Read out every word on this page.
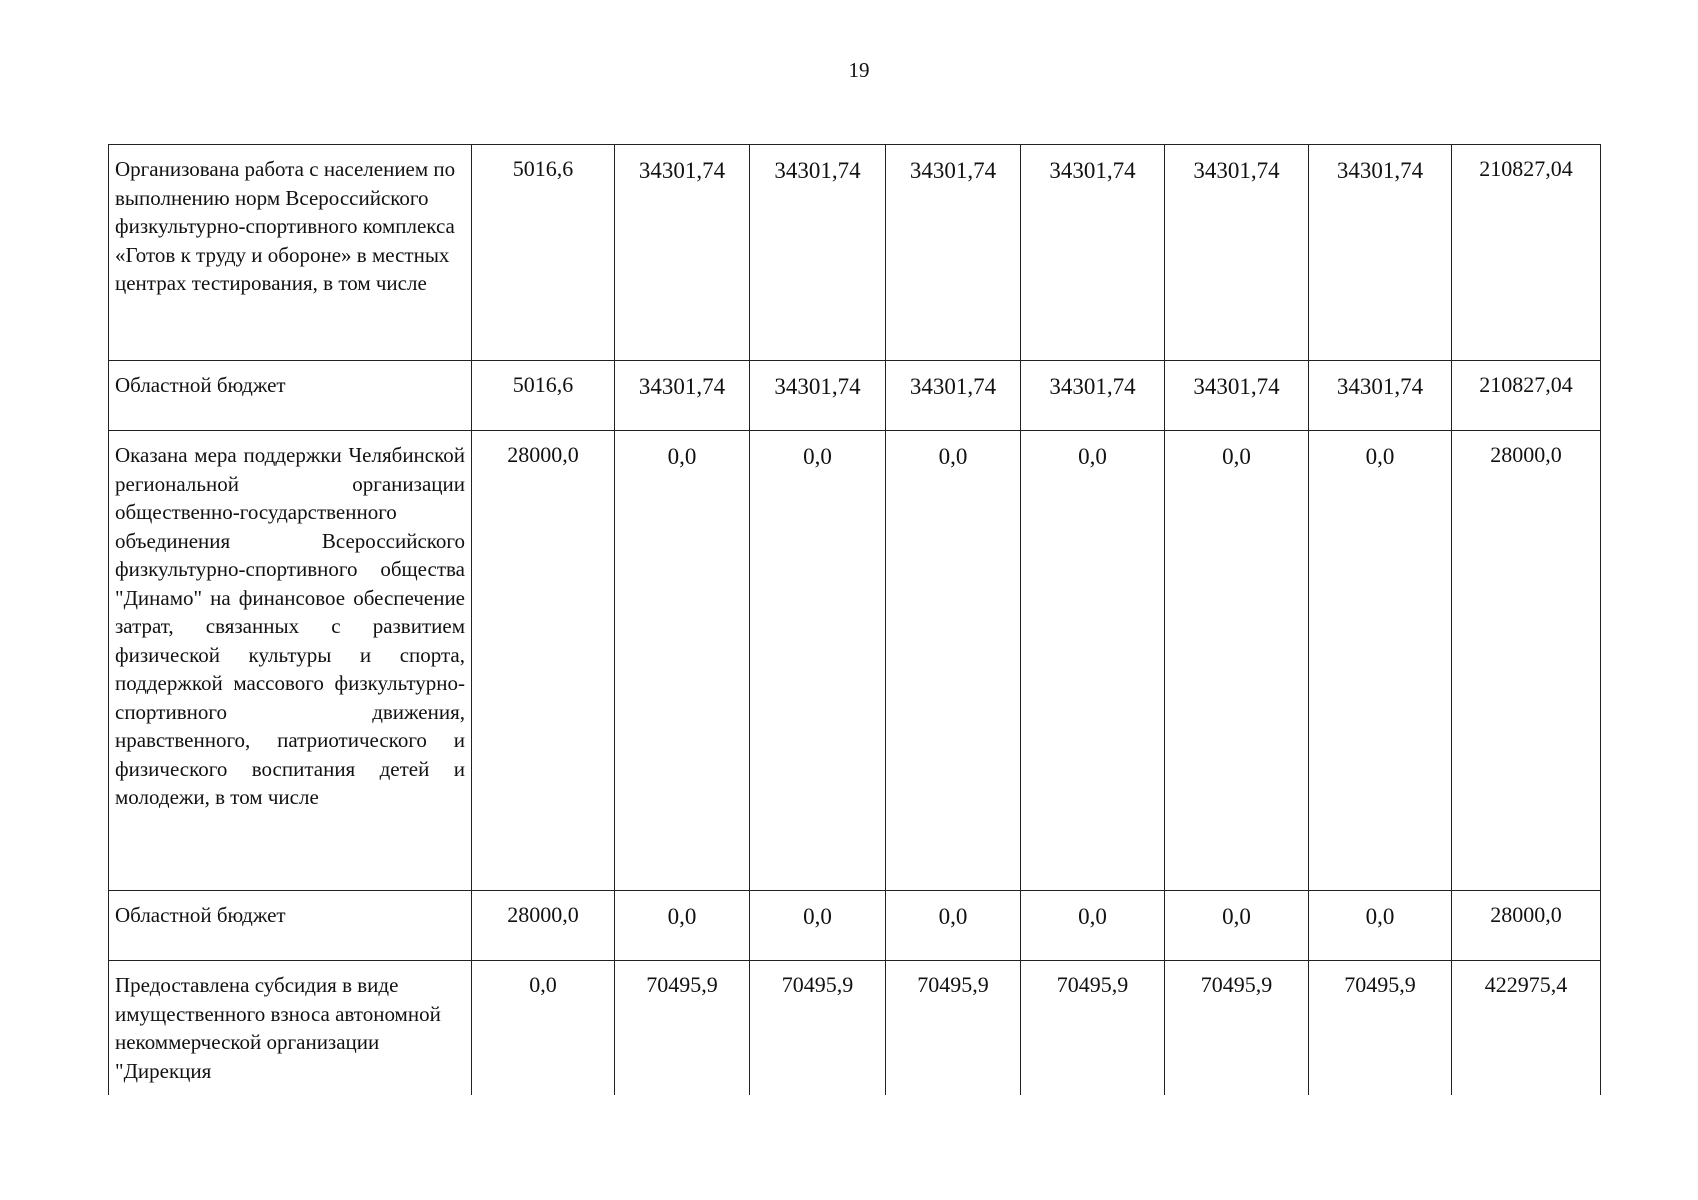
19
Организована работа с населением по выполнению норм Всероссийского физкультурно-спортивного комплекса «Готов к труду и обороне» в местных центрах тестирования, в том числе	5016,6	34301,74	34301,74	34301,74	34301,74	34301,74	34301,74	210827,04
Областной бюджет	5016,6	34301,74	34301,74	34301,74	34301,74	34301,74	34301,74	210827,04
Оказана мера поддержки Челябинской региональной организации общественно-государственного объединения Всероссийского физкультурно-спортивного общества "Динамо" на финансовое обеспечение затрат, связанных с развитием физической культуры и спорта, поддержкой массового физкультурно-спортивного движения, нравственного, патриотического и физического воспитания детей и молодежи, в том числе	28000,0	0,0	0,0	0,0	0,0	0,0	0,0	28000,0
Областной бюджет	28000,0	0,0	0,0	0,0	0,0	0,0	0,0	28000,0
Предоставлена субсидия в виде имущественного взноса автономной некоммерческой организации "Дирекция	0,0	70495,9	70495,9	70495,9	70495,9	70495,9	70495,9	422975,4
